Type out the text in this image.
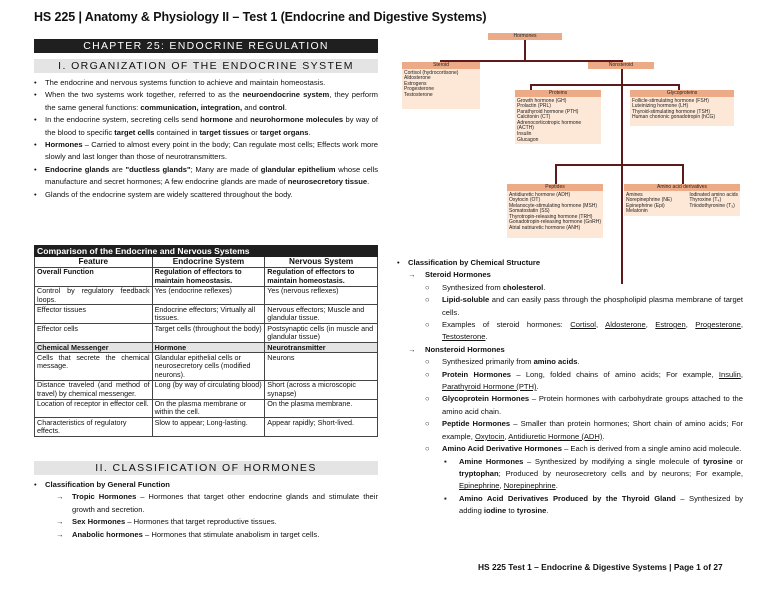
HS 225 | Anatomy & Physiology II – Test 1 (Endocrine and Digestive Systems)
CHAPTER 25: ENDOCRINE REGULATION
I. ORGANIZATION OF THE ENDOCRINE SYSTEM
• The endocrine and nervous systems function to achieve and maintain homeostasis.
• When the two systems work together, referred to as the neuroendocrine system, they perform the same general functions: communication, integration, and control.
• In the endocrine system, secreting cells send hormone and neurohormone molecules by way of the blood to specific target cells contained in target tissues or target organs.
• Hormones – Carried to almost every point in the body; Can regulate most cells; Effects work more slowly and last longer than those of neurotransmitters.
• Endocrine glands are "ductless glands"; Many are made of glandular epithelium whose cells manufacture and secret hormones; A few endocrine glands are made of neurosecretory tissue.
• Glands of the endocrine system are widely scattered throughout the body.
Comparison of the Endocrine and Nervous Systems		
Feature	Endocrine System	Nervous System
Overall Function	Regulation of effectors to maintain homeostasis.	Regulation of effectors to maintain homeostasis.
Control by regulatory feedback loops.	Yes (endocrine reflexes)	Yes (nervous reflexes)
Effector tissues	Endocrine effectors; Virtually all tissues.	Nervous effectors; Muscle and glandular tissue.
Effector cells	Target cells (throughout the body)	Postsynaptic cells (in muscle and glandular tissue)
Chemical Messenger	Hormone	Neurotransmitter
Cells that secrete the chemical message.	Glandular epithelial cells or neurosecretory cells (modified neurons).	Neurons
Distance traveled (and method of travel) by chemical messenger.	Long (by way of circulating blood)	Short (across a microscopic synapse)
Location of receptor in effector cell.	On the plasma membrane or within the cell.	On the plasma membrane.
Characteristics of regulatory effects.	Slow to appear; Long-lasting.	Appear rapidly; Short-lived.
II. CLASSIFICATION OF HORMONES
• Classification by General Function
→ Tropic Hormones – Hormones that target other endocrine glands and stimulate their growth and secretion.
→ Sex Hormones – Hormones that target reproductive tissues.
→ Anabolic hormones – Hormones that stimulate anabolism in target cells.
Hormones
Steroid
Cortisol (hydrocortisone)
Aldosterone
Estrogens
Progesterone
Testosterone
Nonsteroid
Proteins
Growth hormone (GH)
Prolactin (PRL)
Parathyroid hormone (PTH)
Calcitonin (CT)
Adrenocorticotropic hormone (ACTH)
Insulin
Glucagon
Glycoproteins
Follicle-stimulating hormone (FSH)
Luteinizing hormone (LH)
Thyroid-stimulating hormone (TSH)
Human chorionic gonadotropin (hCG)
Peptides
Antidiuretic hormone (ADH)
Oxytocin (OT)
Melanocyte-stimulating hormone (MSH)
Somatostatin (SS)
Thyrotropin-releasing hormone (TRH)
Gonadotropin-releasing hormone (GnRH)
Atrial natriuretic hormone (ANH)
Amino acid derivatives
Amines
Norepinephrine (NE)
Epinephrine (Epi)
Melatonin
Iodinated amino acids
Thyroxine (T₄)
Triiodothyronine (T₃)
• Classification by Chemical Structure
→ Steroid Hormones
○ Synthesized from cholesterol.
○ Lipid-soluble and can easily pass through the phospholipid plasma membrane of target cells.
○ Examples of steroid hormones: Cortisol, Aldosterone, Estrogen, Progesterone, Testosterone.
→ Nonsteroid Hormones
○ Synthesized primarily from amino acids.
○ Protein Hormones – Long, folded chains of amino acids; For example, Insulin, Parathyroid Hormone (PTH).
○ Glycoprotein Hormones – Protein hormones with carbohydrate groups attached to the amino acid chain.
○ Peptide Hormones – Smaller than protein hormones; Short chain of amino acids; For example, Oxytocin, Antidiuretic Hormone (ADH).
○ Amino Acid Derivative Hormones – Each is derived from a single amino acid molecule.
▪ Amine Hormones – Synthesized by modifying a single molecule of tyrosine or tryptophan; Produced by neurosecretory cells and by neurons; For example, Epinephrine, Norepinephrine.
▪ Amino Acid Derivatives Produced by the Thyroid Gland – Synthesized by adding iodine to tyrosine.
HS 225 Test 1 – Endocrine & Digestive Systems | Page 1 of 27
